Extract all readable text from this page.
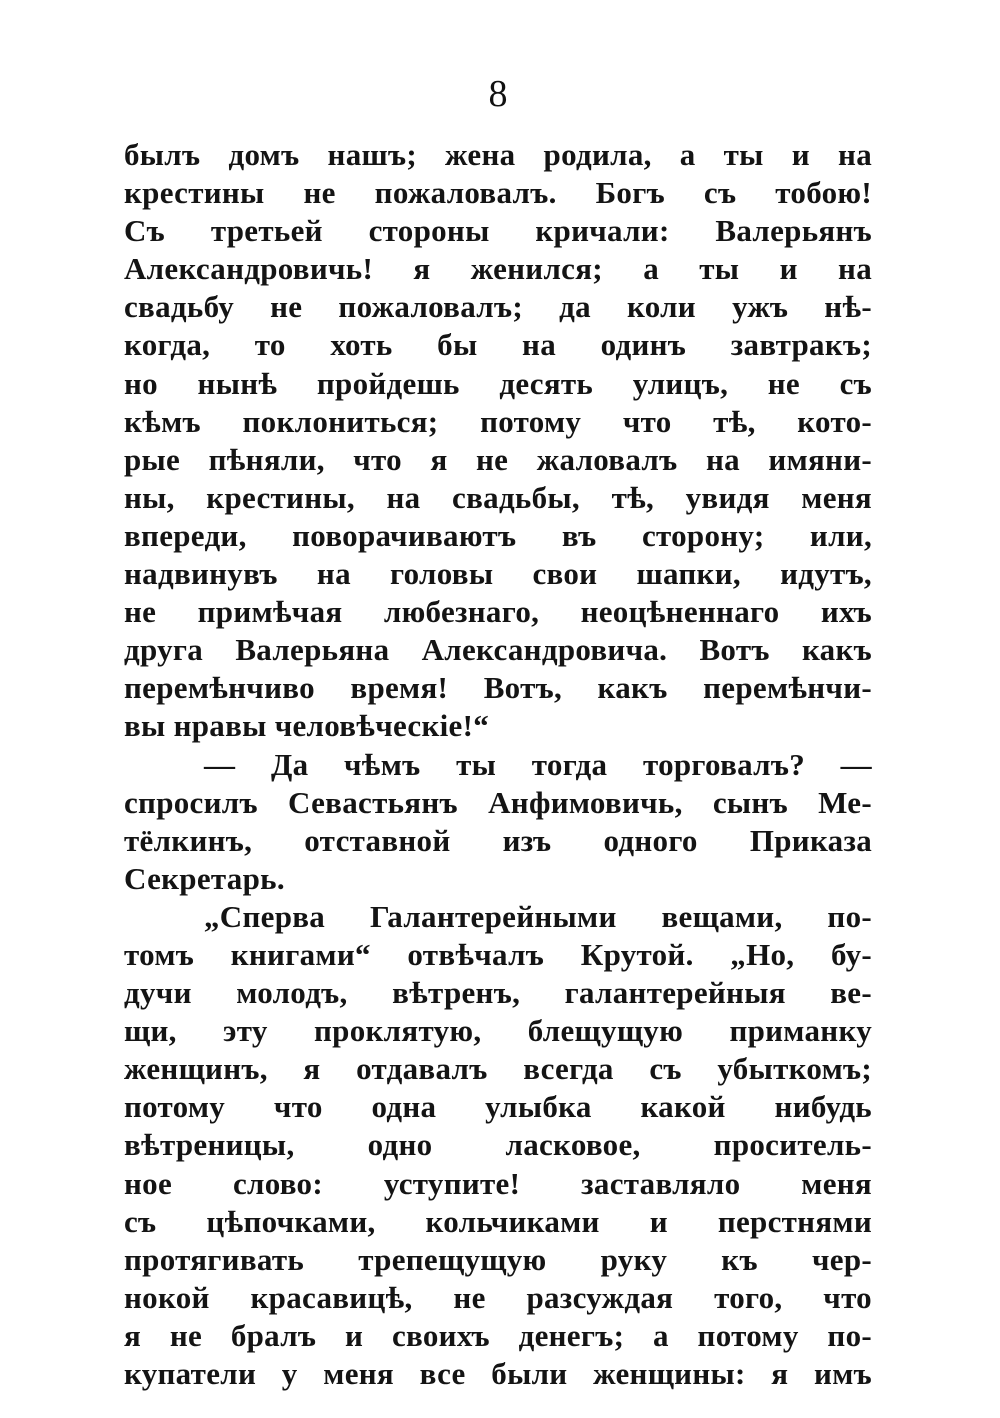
8
былъ домъ нашъ; жена родила, а ты и на
крестины не пожаловалъ. Богъ съ тобою!
Съ третьей стороны кричали: Валерьянъ
Александровичь! я женился; а ты и на
свадьбу не пожаловалъ; да коли ужъ нѣ-
когда, то хоть бы на одинъ завтракъ;
но нынѣ пройдешь десять улицъ, не съ
кѣмъ поклониться; потому что тѣ, кото-
рые пѣняли, что я не жаловалъ на имяни-
ны, крестины, на свадьбы, тѣ, увидя меня
впереди, поворачиваютъ въ сторону; или,
надвинувъ на головы свои шапки, идутъ,
не примѣчая любезнаго, неоцѣненнаго ихъ
друга Валерьяна Александровича. Вотъ какъ
перемѣнчиво время! Вотъ, какъ перемѣнчи-
вы нравы человѣческіе!“
— Да чѣмъ ты тогда торговалъ? —
спросилъ Севастьянъ Анфимовичь, сынъ Ме-
тёлкинъ, отставной изъ одного Приказа
Секретарь.
„Сперва Галантерейными вещами, по-
томъ книгами“ отвѣчалъ Крутой. „Но, бу-
дучи молодъ, вѣтренъ, галантерейныя ве-
щи, эту проклятую, блещущую приманку
женщинъ, я отдавалъ всегда съ убыткомъ;
потому что одна улыбка какой нибудь
вѣтреницы, одно ласковое, проситель-
ное слово: уступите! заставляло меня
съ цѣпочками, кольчиками и перстнями
протягивать трепещущую руку къ чер-
нокой красавицѣ, не разсуждая того, что
я не бралъ и своихъ денегъ; а потому по-
купатели у меня все были женщины: я имъ
